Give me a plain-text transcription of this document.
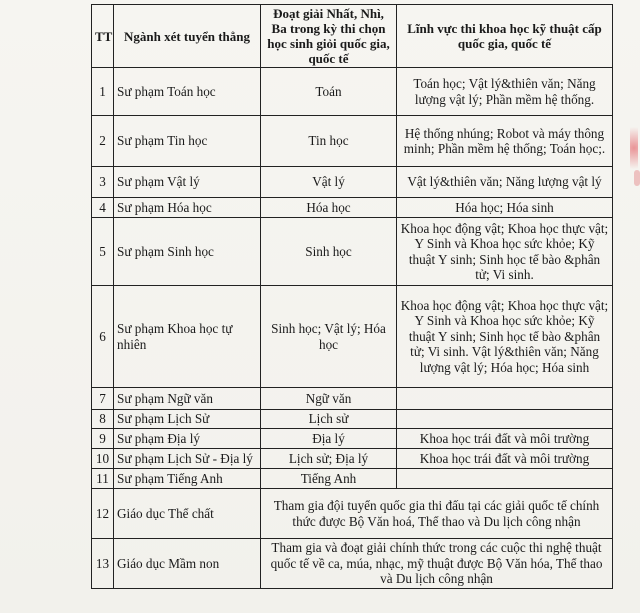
TT	Ngành xét tuyển thẳng	Đoạt giải Nhất, Nhì, Ba trong kỳ thi chọn học sinh giỏi quốc gia, quốc tế	Lĩnh vực thi khoa học kỹ thuật cấp quốc gia, quốc tế
1	Sư phạm Toán học	Toán	Toán học; Vật lý&thiên văn; Năng lượng vật lý; Phần mềm hệ thống.
2	Sư phạm Tin học	Tin học	Hệ thống nhúng; Robot và máy thông minh; Phần mềm hệ thống; Toán học;.
3	Sư phạm Vật lý	Vật lý	Vật lý&thiên văn; Năng lượng vật lý
4	Sư phạm Hóa học	Hóa học	Hóa học; Hóa sinh
5	Sư phạm Sinh học	Sinh học	Khoa học động vật; Khoa học thực vật; Y Sinh và Khoa học sức khỏe; Kỹ thuật Y sinh; Sinh học tế bào &phân tử; Vi sinh.
6	Sư phạm Khoa học tự nhiên	Sinh học; Vật lý; Hóa học	Khoa học động vật; Khoa học thực vật; Y Sinh và Khoa học sức khỏe; Kỹ thuật Y sinh; Sinh học tế bào &phân tử; Vi sinh. Vật lý&thiên văn; Năng lượng vật lý; Hóa học; Hóa sinh
7	Sư phạm Ngữ văn	Ngữ văn	
8	Sư phạm Lịch Sử	Lịch sử	
9	Sư phạm Địa lý	Địa lý	Khoa học trái đất và môi trường
10	Sư phạm Lịch Sử - Địa lý	Lịch sử; Địa lý	Khoa học trái đất và môi trường
11	Sư phạm Tiếng Anh	Tiếng Anh	
12	Giáo dục Thể chất	Tham gia đội tuyển quốc gia thi đấu tại các giải quốc tế chính thức được Bộ Văn hoá, Thể thao và Du lịch công nhận	
13	Giáo dục Mầm non	Tham gia và đoạt giải chính thức trong các cuộc thi nghệ thuật quốc tế về ca, múa, nhạc, mỹ thuật được Bộ Văn hóa, Thể thao và Du lịch công nhận	
